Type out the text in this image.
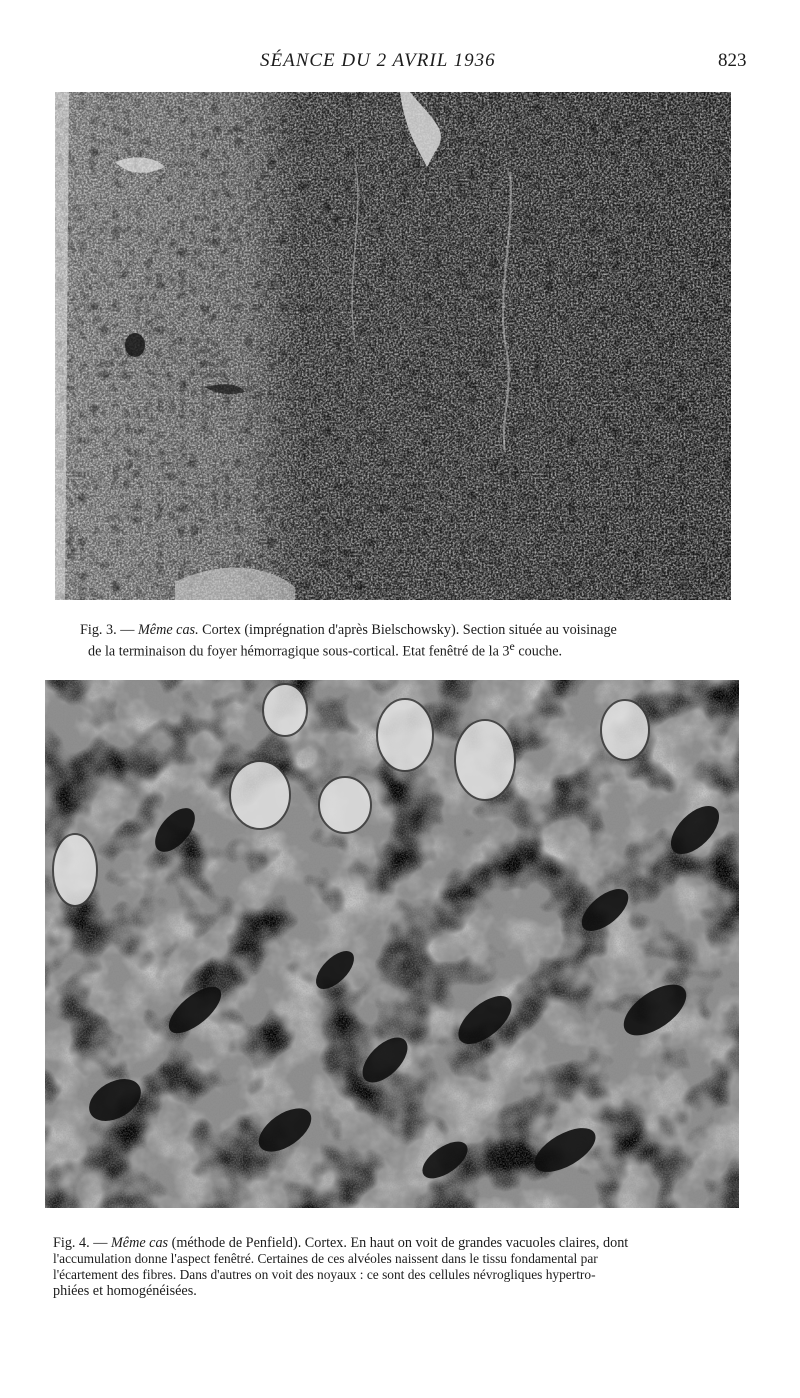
SÉANCE DU 2 AVRIL 1936	823
Fig. 3. — Même cas. Cortex (imprégnation d'après Bielschowsky). Section située au voisinage
de la terminaison du foyer hémorragique sous-cortical. Etat fenêtré de la 3e couche.
Fig. 4. — Même cas (méthode de Penfield). Cortex. En haut on voit de grandes vacuoles claires, dont
l'accumulation donne l'aspect fenêtré. Certaines de ces alvéoles naissent dans le tissu fondamental par
l'écartement des fibres. Dans d'autres on voit des noyaux : ce sont des cellules névrogliques hypertro-
phiées et homogénéisées.
